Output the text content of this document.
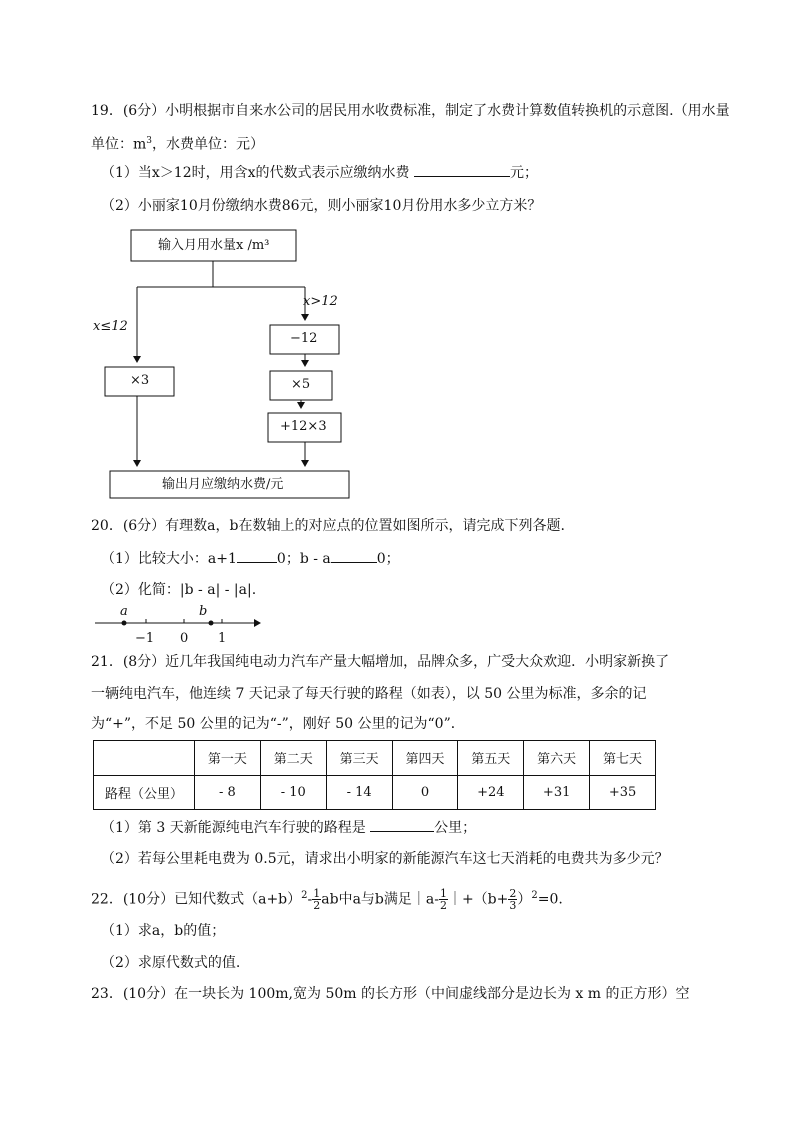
19．(6分）小明根据市自来水公司的居民用水收费标准，制定了水费计算数值转换机的示意图.（用水量
单位：$m^3$，水费单位：元）
（1）当x＞12时，用含x的代数式表示应缴纳水费	元；
（2）小丽家10月份缴纳水费86元，则小丽家10月份用水多少立方米？
输入月用水量x /m³
x≤12
x>12
×3
−12
×5
+12×3
输出月应缴纳水费/元
20．(6分）有理数a，b在数轴上的对应点的位置如图所示，请完成下列各题.
（1）比较大小：a+1	0；b - a	0；
（2）化简：|b - a| - |a|.
a	b
−1 0 1
21．(8分）近几年我国纯电动力汽车产量大幅增加，品牌众多，广受大众欢迎．小明家新换了
一辆纯电汽车，他连续 7 天记录了每天行驶的路程（如表），以 50 公里为标准，多余的记
为“+”，不足 50 公里的记为“-”，刚好 50 公里的记为“0”．
	第一天	第二天	第三天	第四天	第五天	第六天	第七天
路程（公里）	- 8	- 10	- 14	0	+24	+31	+35
（1）第 3 天新能源纯电汽车行驶的路程是	公里；
（2）若每公里耗电费为 0.5元，请求出小明家的新能源汽车这七天消耗的电费共为多少元？
22．(10分）已知代数式$(a+b)^2- \frac{1}{2}$ ab中a与b满足｜a- $\frac{1}{2}$ ｜+（b+ $\frac{2}{3} )^2=0$.
（1）求a，b的值；
（2）求原代数式的值.
23．(10分）在一块长为 100m,宽为 50m 的长方形（中间虚线部分是边长为 x m 的正方形）空
